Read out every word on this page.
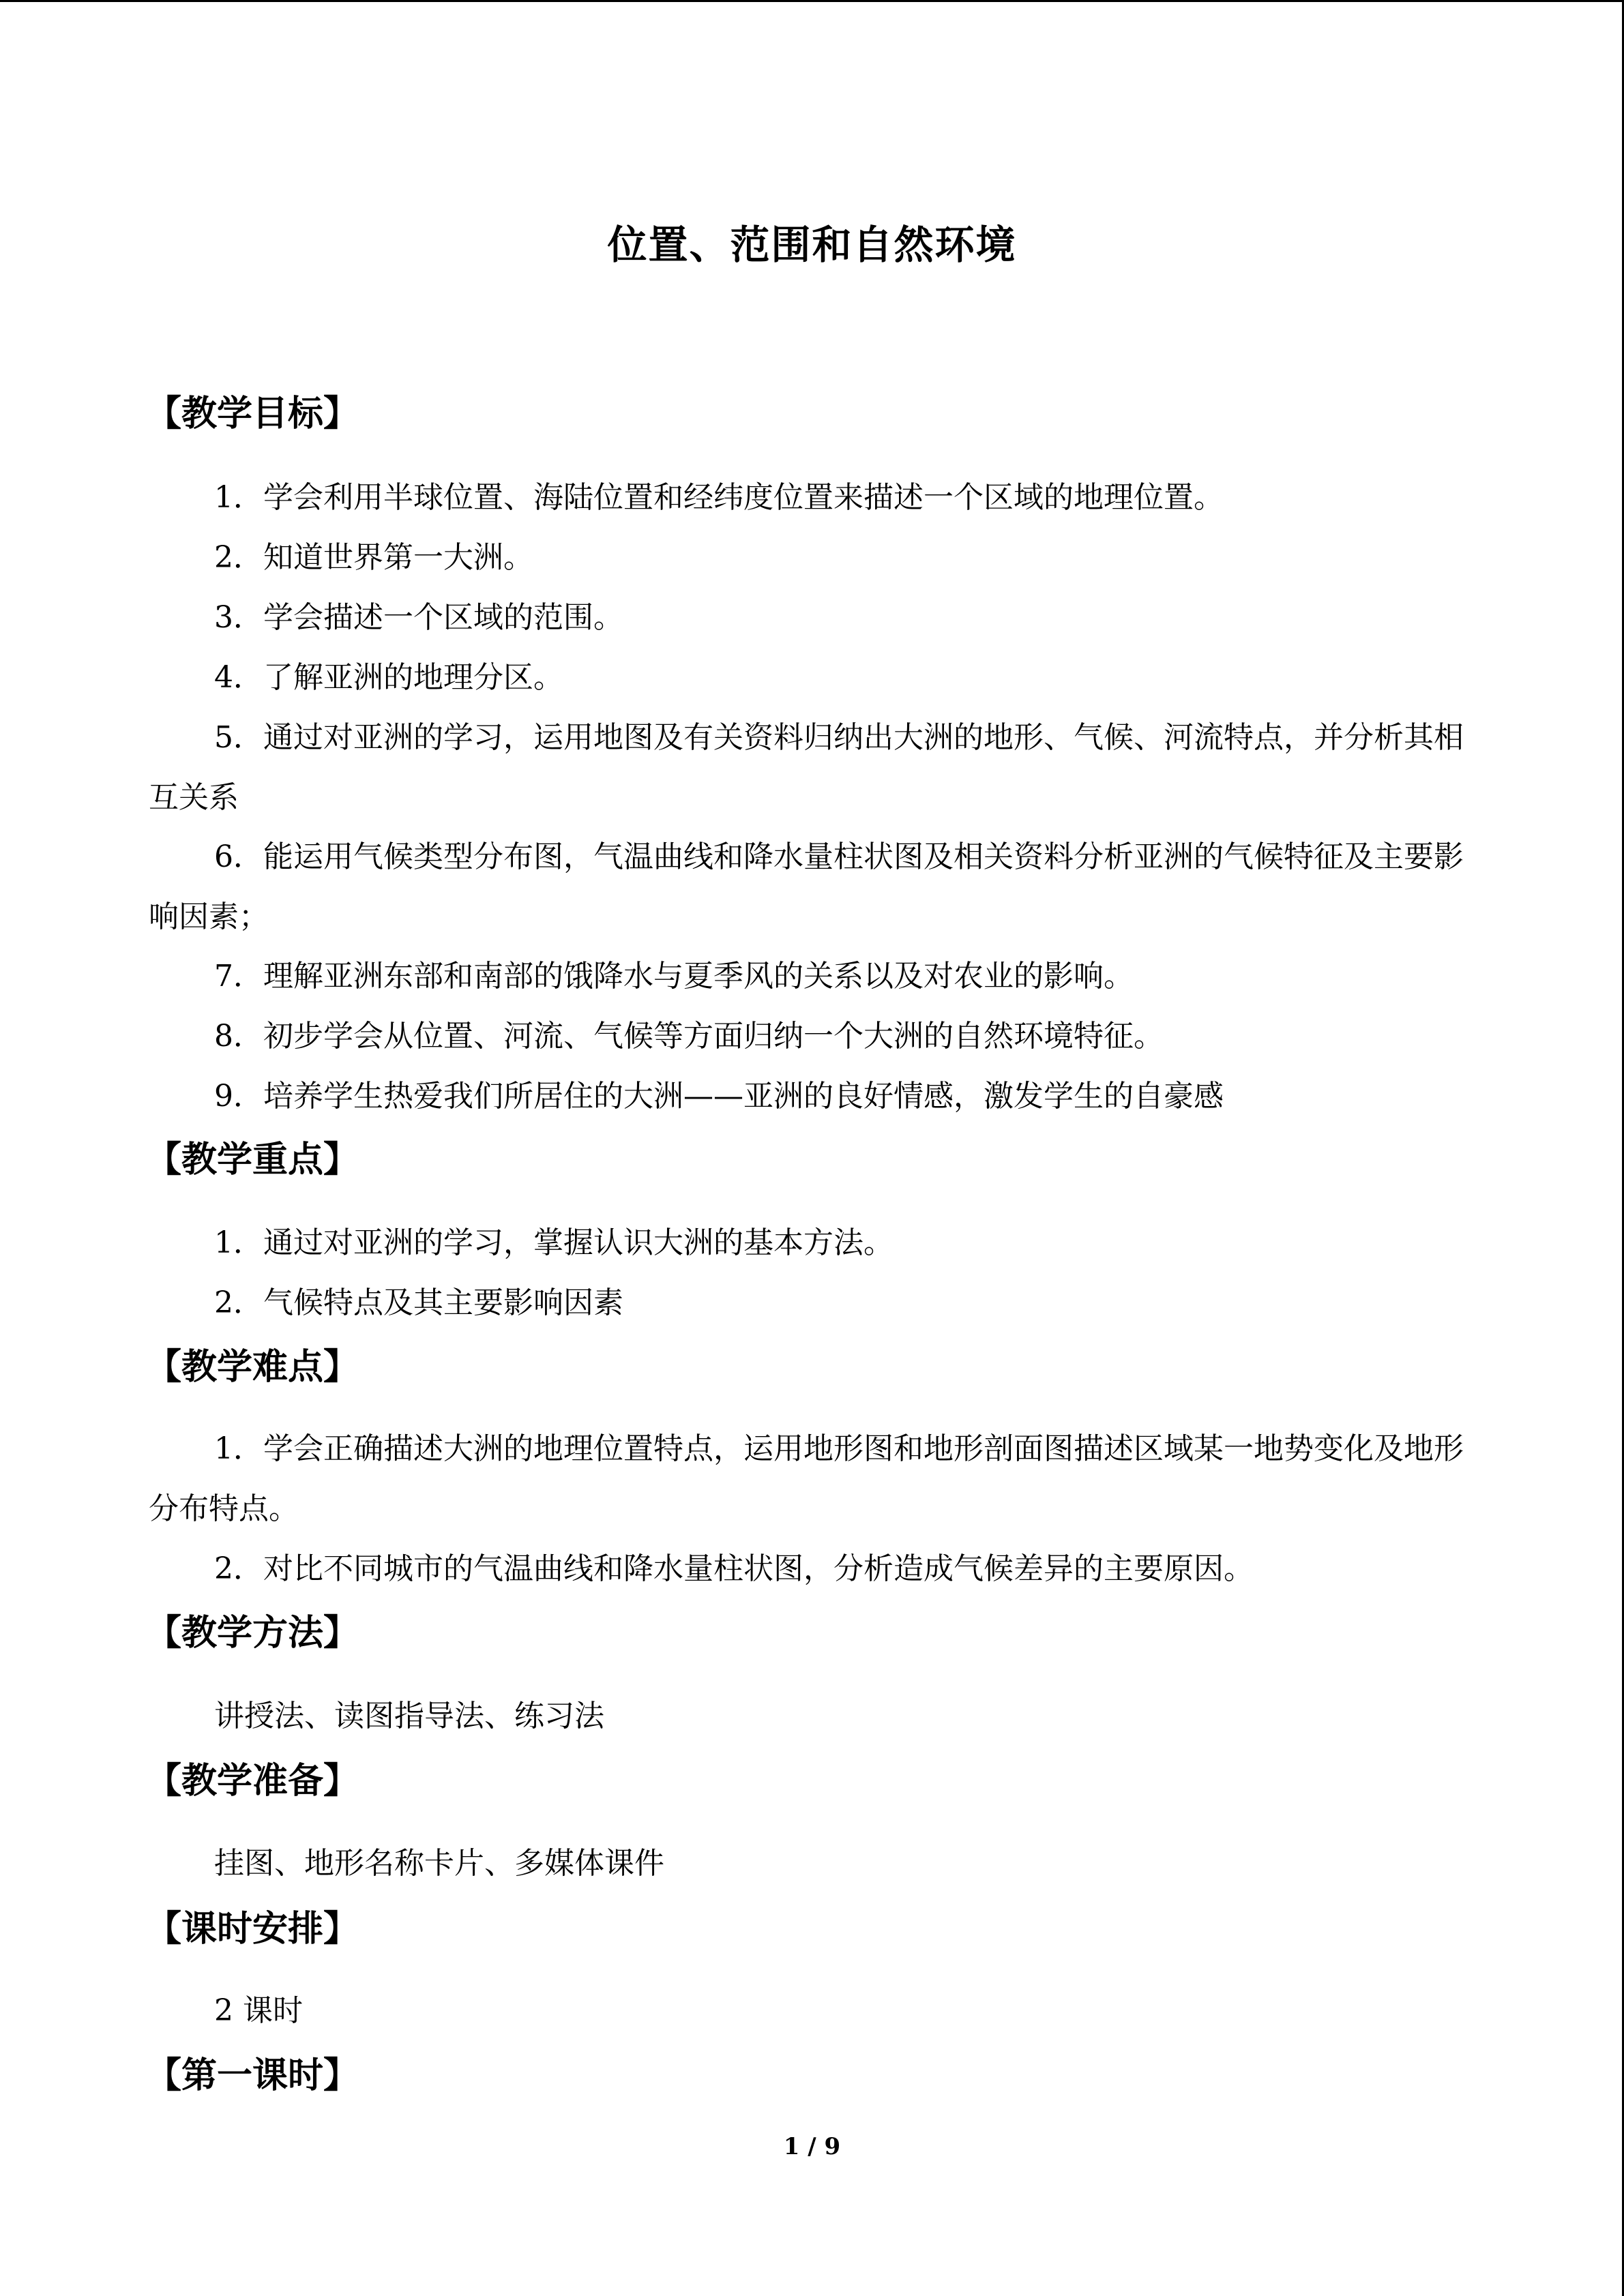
位置、范围和自然环境
【教学目标】
1．学会利用半球位置、海陆位置和经纬度位置来描述一个区域的地理位置。
2．知道世界第一大洲。
3．学会描述一个区域的范围。
4．了解亚洲的地理分区。
5．通过对亚洲的学习，运用地图及有关资料归纳出大洲的地形、气候、河流特点，并分析其相互关系
6．能运用气候类型分布图，气温曲线和降水量柱状图及相关资料分析亚洲的气候特征及主要影响因素；
7．理解亚洲东部和南部的饿降水与夏季风的关系以及对农业的影响。
8．初步学会从位置、河流、气候等方面归纳一个大洲的自然环境特征。
9．培养学生热爱我们所居住的大洲——亚洲的良好情感，激发学生的自豪感
【教学重点】
1．通过对亚洲的学习，掌握认识大洲的基本方法。
2．气候特点及其主要影响因素
【教学难点】
1．学会正确描述大洲的地理位置特点，运用地形图和地形剖面图描述区域某一地势变化及地形分布特点。
2．对比不同城市的气温曲线和降水量柱状图，分析造成气候差异的主要原因。
【教学方法】
讲授法、读图指导法、练习法
【教学准备】
挂图、地形名称卡片、多媒体课件
【课时安排】
2 课时
【第一课时】
1 / 9
